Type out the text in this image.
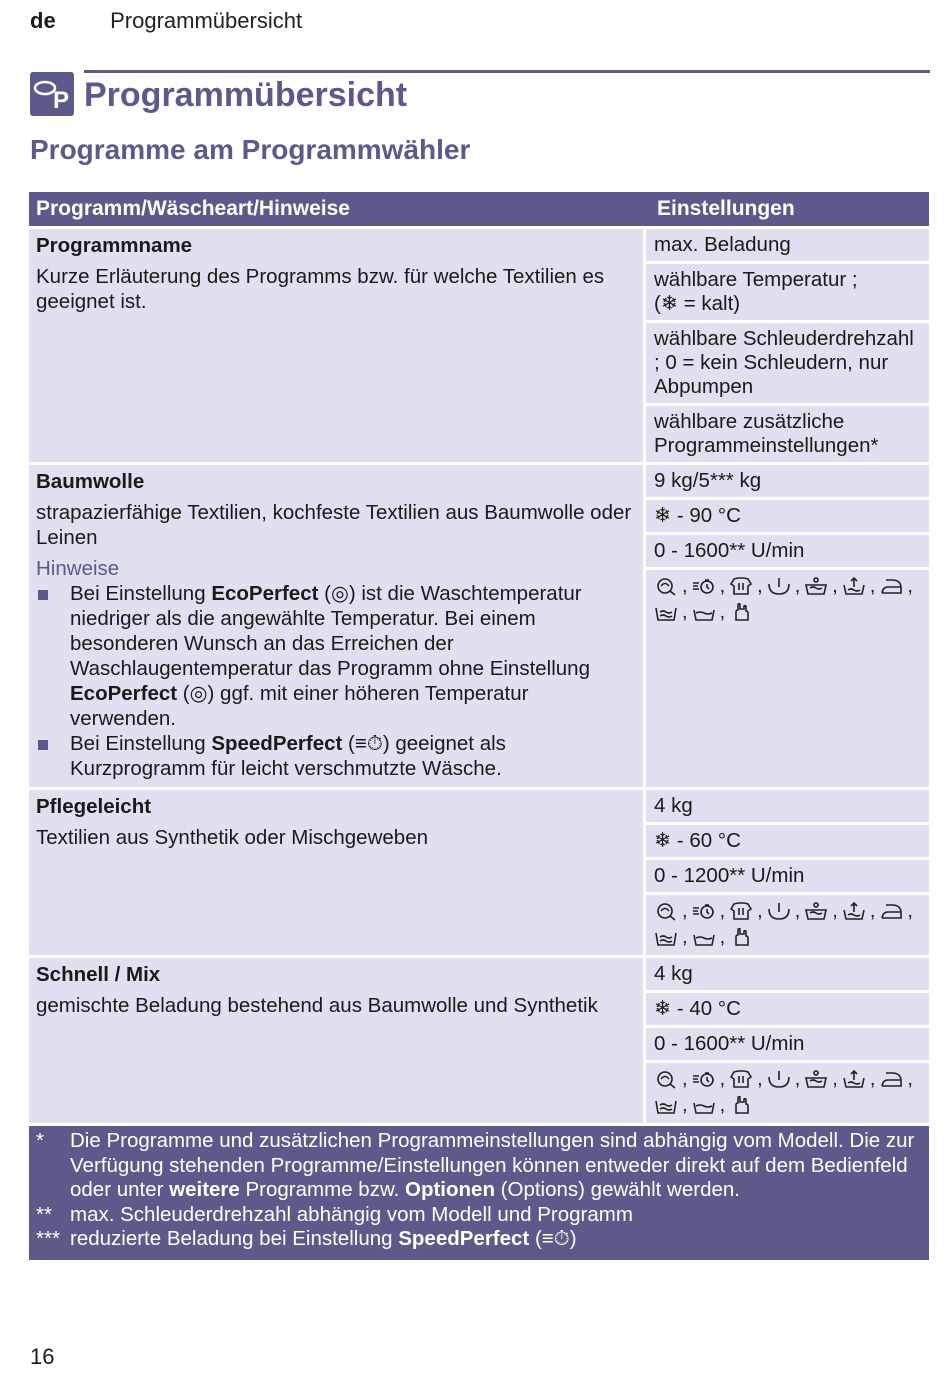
de Programmübersicht
P Programmübersicht
Programme am Programmwähler
Programm/Wäscheart/Hinweise	Einstellungen
Programmname
Kurze Erläuterung des Programms bzw. für welche Textilien es geeignet ist.
max. Beladung
wählbare Temperatur ;
(❄ = kalt)
wählbare Schleuderdrehzahl ; 0 = kein Schleudern, nur Abpumpen
wählbare zusätzliche Programmeinstellungen*
Baumwolle
strapazierfähige Textilien, kochfeste Textilien aus Baumwolle oder Leinen
Hinweise
Bei Einstellung EcoPerfect (◎) ist die Waschtemperatur niedriger als die angewählte Temperatur. Bei einem besonderen Wunsch an das Erreichen der Waschlaugentemperatur das Programm ohne Einstellung EcoPerfect (◎) ggf. mit einer höheren Temperatur verwenden.
Bei Einstellung SpeedPerfect (≡⏱) geeignet als Kurzprogramm für leicht verschmutzte Wäsche.
9 kg/5*** kg
❄ - 90 °C
0 - 1600** U/min
, , , , , , ,
, ,
Pflegeleicht
Textilien aus Synthetik oder Mischgeweben
4 kg
❄ - 60 °C
0 - 1200** U/min
, , , , , , ,
, ,
Schnell / Mix
gemischte Beladung bestehend aus Baumwolle und Synthetik
4 kg
❄ - 40 °C
0 - 1600** U/min
, , , , , , ,
, ,
*	Die Programme und zusätzlichen Programmeinstellungen sind abhängig vom Modell. Die zur Verfügung stehenden Programme/Einstellungen können entweder direkt auf dem Bedienfeld oder unter weitere Programme bzw. Optionen (Options) gewählt werden.
** max. Schleuderdrehzahl abhängig vom Modell und Programm
*** reduzierte Beladung bei Einstellung SpeedPerfect (≡⏱)
16
